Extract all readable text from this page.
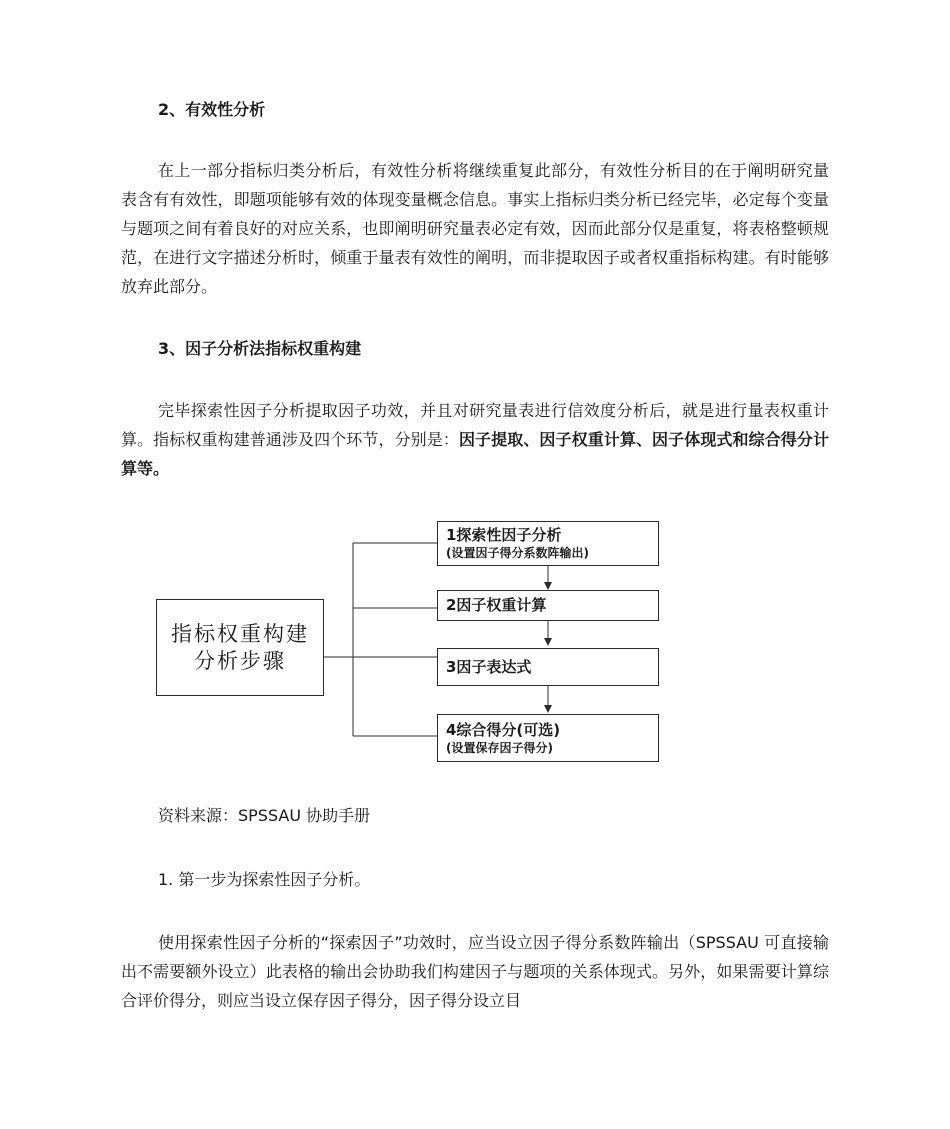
2、有效性分析
在上一部分指标归类分析后，有效性分析将继续重复此部分，有效性分析目的在于阐明研究量表含有有效性，即题项能够有效的体现变量概念信息。事实上指标归类分析已经完毕，必定每个变量与题项之间有着良好的对应关系，也即阐明研究量表必定有效，因而此部分仅是重复，将表格整顿规范，在进行文字描述分析时，倾重于量表有效性的阐明，而非提取因子或者权重指标构建。有时能够放弃此部分。
3、因子分析法指标权重构建
完毕探索性因子分析提取因子功效，并且对研究量表进行信效度分析后，就是进行量表权重计算。指标权重构建普通涉及四个环节，分别是：因子提取、因子权重计算、因子体现式和综合得分计算等。
指标权重构建
分析步骤
1探索性因子分析
(设置因子得分系数阵输出)
2因子权重计算
3因子表达式
4综合得分(可选)
(设置保存因子得分)
资料来源：SPSSAU 协助手册
1. 第一步为探索性因子分析。
使用探索性因子分析的“探索因子”功效时，应当设立因子得分系数阵输出（SPSSAU 可直接输出不需要额外设立）此表格的输出会协助我们构建因子与题项的关系体现式。另外，如果需要计算综合评价得分，则应当设立保存因子得分，因子得分设立目
